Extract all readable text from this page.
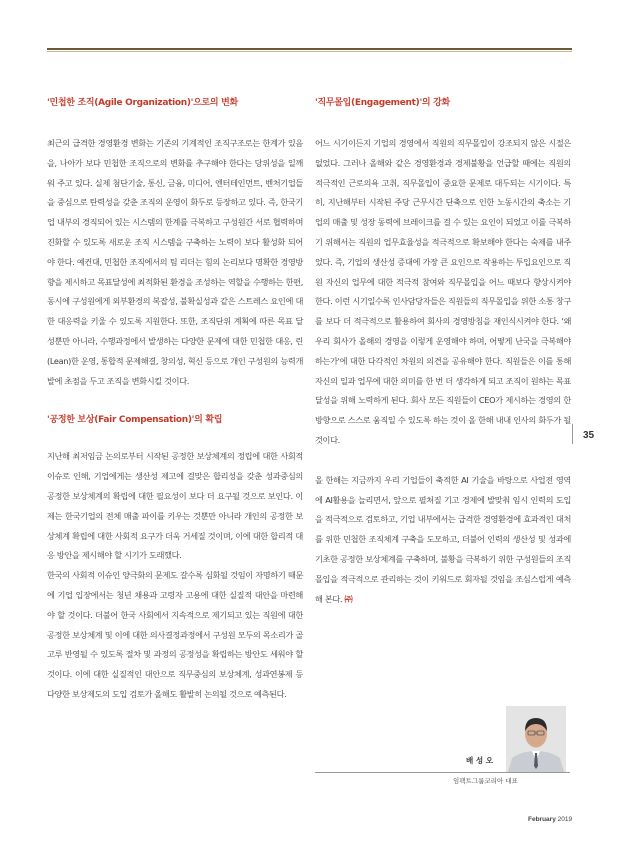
'민첩한 조직(Agile Organization)'으로의 변화

최근의 급격한 경영환경 변화는 기존의 기계적인 조직구조로는 한계가 있음을, 나아가 보다 민첩한 조직으로의 변화를 추구해야 한다는 당위성을 일깨워 주고 있다. 실제 첨단기술, 통신, 금융, 미디어, 엔터테인먼트, 벤처기업들을 중심으로 탄력성을 갖춘 조직의 운영이 화두로 등장하고 있다. 즉, 한국기업 내부의 경직되어 있는 시스템의 한계를 극복하고 구성원간 서로 협력하며 진화할 수 있도록 새로운 조직 시스템을 구축하는 노력이 보다 활성화 되어야 한다. 예컨대, 민첩한 조직에서의 팀 리더는 힘의 논리보다 명확한 경영방향을 제시하고 목표달성에 최적화된 환경을 조성하는 역할을 수행하는 한편, 동시에 구성원에게 외부환경의 복잡성, 불확실성과 같은 스트레스 요인에 대한 대응력을 키울 수 있도록 지원한다. 또한, 조직단위 계획에 따른 목표 달성뿐만 아니라, 수행과정에서 발생하는 다양한 문제에 대한 민첩한 대응, 린(Lean)한 운영, 통합적 문제해결, 창의성, 혁신 등으로 개인 구성원의 능력개발에 초점을 두고 조직을 변화시킬 것이다.

'공정한 보상(Fair Compensation)'의 확립

지난해 최저임금 논의로부터 시작된 공정한 보상체계의 정립에 대한 사회적 이슈로 인해, 기업에게는 생산성 제고에 걸맞은 합리성을 갖춘 성과중심의 공정한 보상체계의 확립에 대한 필요성이 보다 더 요구될 것으로 보인다. 이제는 한국기업의 전체 매출 파이를 키우는 것뿐만 아니라 개인의 공정한 보상체계 확립에 대한 사회적 요구가 더욱 거세질 것이며, 이에 대한 합리적 대응 방안을 제시해야 할 시기가 도래했다.

한국의 사회적 이슈인 양극화의 문제도 갈수록 심화될 것임이 자명하기 때문에 기업 입장에서는 청년 채용과 고령자 고용에 대한 실질적 대안을 마련해야 할 것이다. 더불어 한국 사회에서 지속적으로 제기되고 있는 직원에 대한 공정한 보상체계 및 이에 대한 의사결정과정에서 구성원 모두의 목소리가 골고루 반영될 수 있도록 절차 및 과정의 공정성을 확립하는 방안도 세워야 할 것이다. 이에 대한 실질적인 대안으로 직무중심의 보상체계, 성과연봉제 등 다양한 보상제도의 도입 검토가 올해도 활발히 논의될 것으로 예측된다.

'직무몰입(Engagement)'의 강화

어느 시기이든지 기업의 경영에서 직원의 직무몰입이 강조되지 않은 시절은 없었다. 그러나 올해와 같은 경영환경과 경제불황을 언급할 때에는 직원의 적극적인 근로의욕 고취, 직무몰입이 중요한 문제로 대두되는 시기이다. 특히, 지난해부터 시작된 주당 근무시간 단축으로 인한 노동시간의 축소는 기업의 매출 및 성장 동력에 브레이크를 걸 수 있는 요인이 되었고 이를 극복하기 위해서는 직원의 업무효율성을 적극적으로 확보해야 한다는 숙제를 내주었다. 즉, 기업의 생산성 증대에 가장 큰 요인으로 작용하는 투입요인으로 직원 자신의 업무에 대한 적극적 참여와 직무몰입을 어느 때보다 향상시켜야 한다. 이런 시기일수록 인사담당자들은 직원들의 직무몰입을 위한 소통 창구를 보다 더 적극적으로 활용하여 회사의 경영방침을 재인식시켜야 한다. '왜 우리 회사가 올해의 경영을 이렇게 운영해야 하며, 어떻게 난국을 극복해야 하는가'에 대한 다각적인 차원의 의견을 공유해야 한다. 직원들은 이를 통해 자신의 일과 업무에 대한 의미를 한 번 더 생각하게 되고 조직이 원하는 목표 달성을 위해 노력하게 된다. 회사 모든 직원들이 CEO가 제시하는 경영의 한 방향으로 스스로 움직일 수 있도록 하는 것이 올 한해 내내 인사의 화두가 될 것이다.

올 한해는 지금까지 우리 기업들이 축적한 AI 기술을 바탕으로 사업전 영역에 AI활용을 늘리면서, 앞으로 펼쳐질 기고 경제에 발맞춰 임시 인력의 도입을 적극적으로 검토하고, 기업 내부에서는 급격한 경영환경에 효과적인 대처를 위한 민첩한 조직체계 구축을 도모하고, 더불어 인력의 생산성 및 성과에 기초한 공정한 보상체계를 구축하며, 불황을 극복하기 위한 구성원들의 조직몰입을 적극적으로 관리하는 것이 키워드로 회자될 것임을 조심스럽게 예측해 본다. ㈜

35
배 성 오
임팩트그룹코리아 대표
February 2019
